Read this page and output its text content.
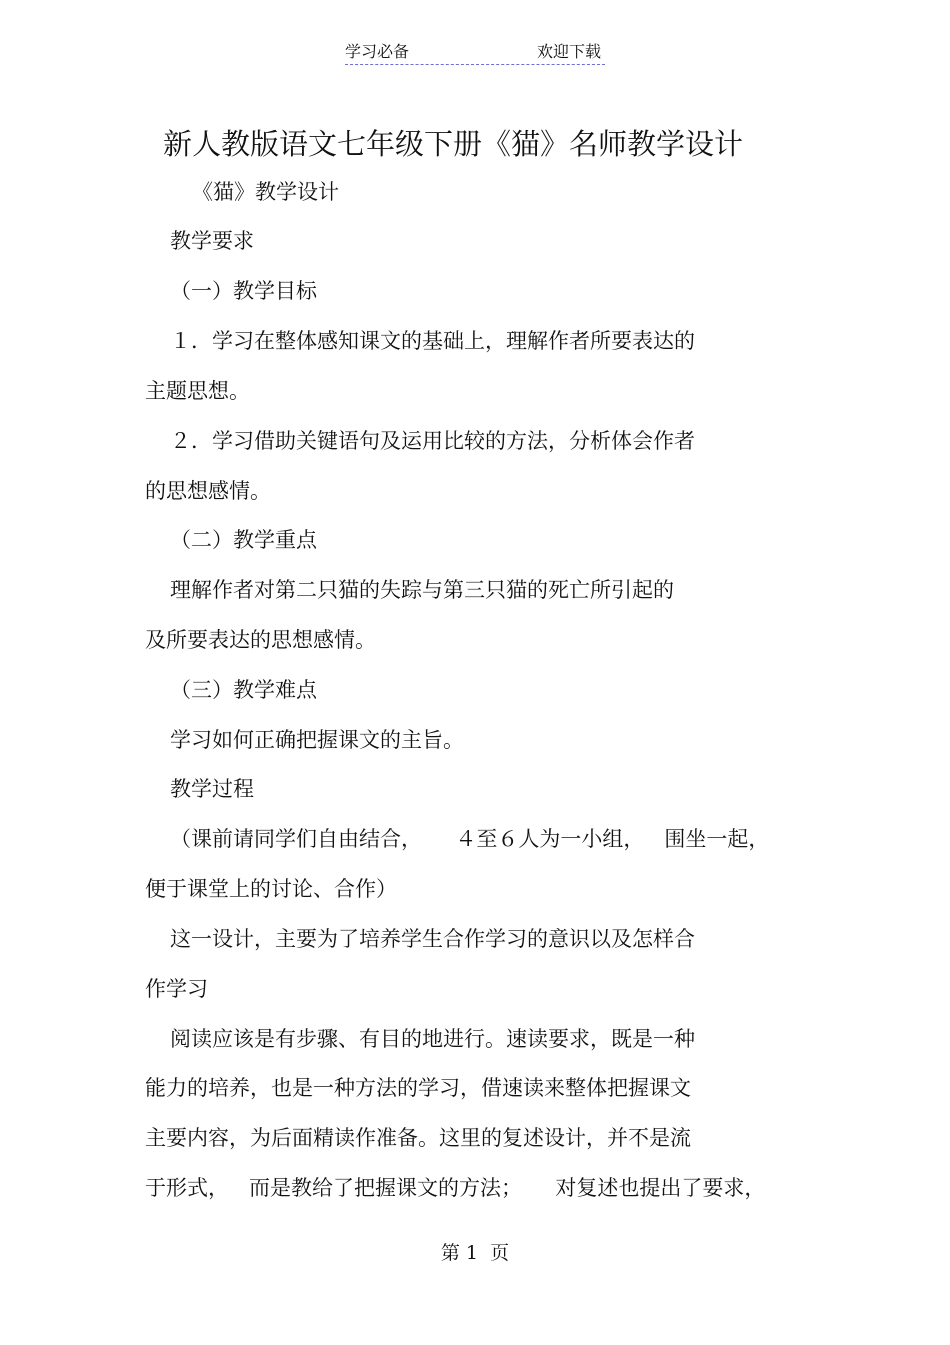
学习必备	欢迎下载
新人教版语文七年级下册《猫》名师教学设计
《猫》教学设计
教学要求
（一）教学目标
１．学习在整体感知课文的基础上，理解作者所要表达的
主题思想。
２．学习借助关键语句及运用比较的方法，分析体会作者
的思想感情。
（二）教学重点
理解作者对第二只猫的失踪与第三只猫的死亡所引起的
及所要表达的思想感情。
（三）教学难点
学习如何正确把握课文的主旨。
教学过程
（课前请同学们自由结合，     ４至６人为一小组，   围坐一起，
便于课堂上的讨论、合作）
这一设计，主要为了培养学生合作学习的意识以及怎样合
作学习
阅读应该是有步骤、有目的地进行。速读要求，既是一种
能力的培养，也是一种方法的学习，借速读来整体把握课文
主要内容，为后面精读作准备。这里的复述设计，并不是流
于形式，   而是教给了把握课文的方法；     对复述也提出了要求，
第 1  页
